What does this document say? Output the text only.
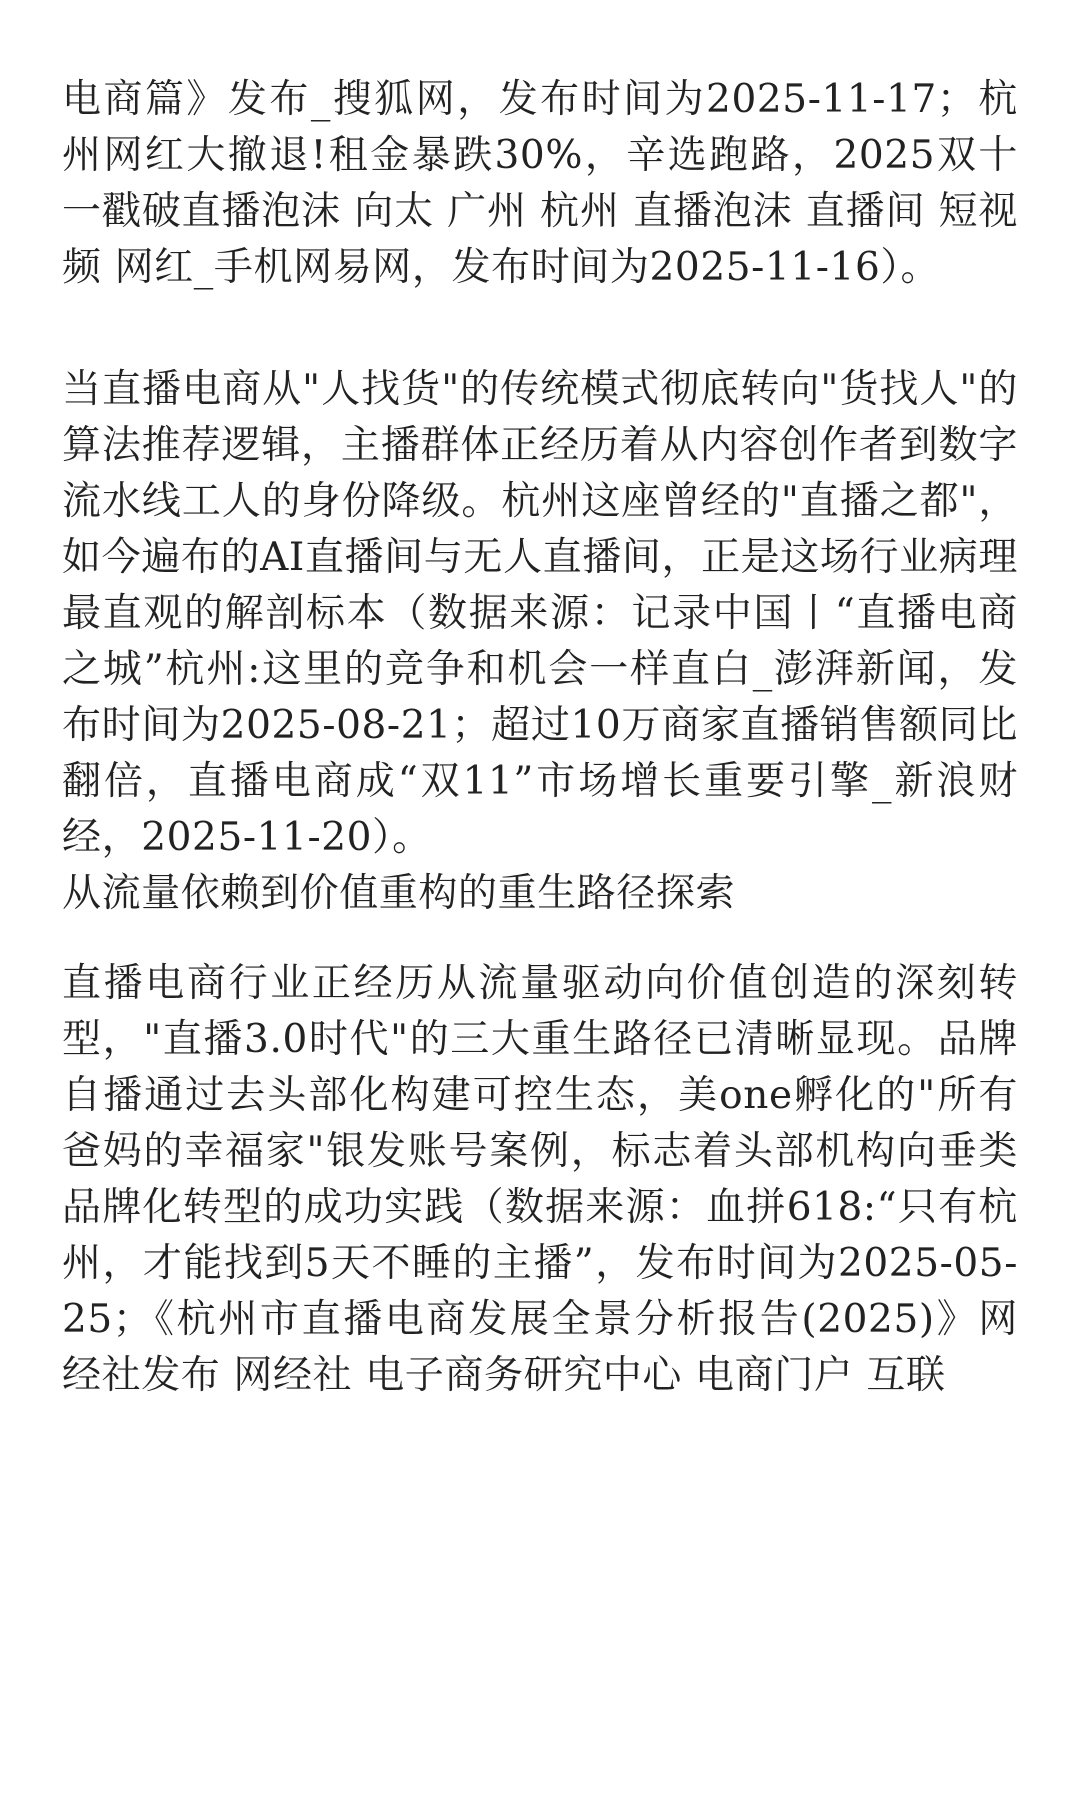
电商篇》发布_搜狐网，发布时间为2025-11-17；杭州网红大撤退!租金暴跌30%，辛选跑路，2025双十一戳破直播泡沫 向太 广州 杭州 直播泡沫 直播间 短视频 网红_手机网易网，发布时间为2025-11-16）。

当直播电商从"人找货"的传统模式彻底转向"货找人"的算法推荐逻辑，主播群体正经历着从内容创作者到数字流水线工人的身份降级。杭州这座曾经的"直播之都"，如今遍布的AI直播间与无人直播间，正是这场行业病理最直观的解剖标本（数据来源：记录中国丨“直播电商之城”杭州:这里的竞争和机会一样直白_澎湃新闻，发布时间为2025-08-21；超过10万商家直播销售额同比翻倍，直播电商成“双11”市场增长重要引擎_新浪财经，2025-11-20）。

从流量依赖到价值重构的重生路径探索

直播电商行业正经历从流量驱动向价值创造的深刻转型，"直播3.0时代"的三大重生路径已清晰显现。品牌自播通过去头部化构建可控生态，美one孵化的"所有爸妈的幸福家"银发账号案例，标志着头部机构向垂类品牌化转型的成功实践（数据来源：血拼618:“只有杭州，才能找到5天不睡的主播”，发布时间为2025-05-25；《杭州市直播电商发展全景分析报告(2025)》网经社发布 网经社 电子商务研究中心 电商门户 互联
